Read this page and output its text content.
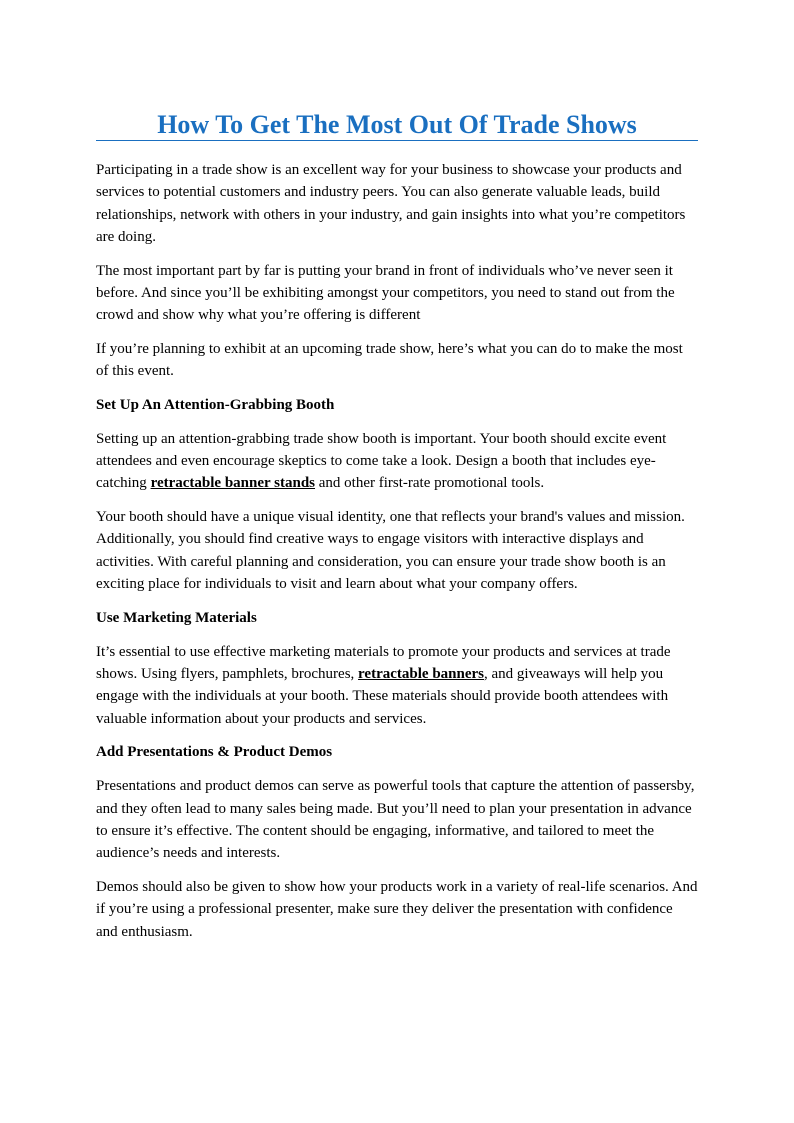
How To Get The Most Out Of Trade Shows

Participating in a trade show is an excellent way for your business to showcase your products and services to potential customers and industry peers. You can also generate valuable leads, build relationships, network with others in your industry, and gain insights into what you’re competitors are doing.

The most important part by far is putting your brand in front of individuals who’ve never seen it before. And since you’ll be exhibiting amongst your competitors, you need to stand out from the crowd and show why what you’re offering is different

If you’re planning to exhibit at an upcoming trade show, here’s what you can do to make the most of this event.

Set Up An Attention-Grabbing Booth

Setting up an attention-grabbing trade show booth is important. Your booth should excite event attendees and even encourage skeptics to come take a look. Design a booth that includes eye-catching retractable banner stands and other first-rate promotional tools.

Your booth should have a unique visual identity, one that reflects your brand's values and mission. Additionally, you should find creative ways to engage visitors with interactive displays and activities. With careful planning and consideration, you can ensure your trade show booth is an exciting place for individuals to visit and learn about what your company offers.

Use Marketing Materials

It’s essential to use effective marketing materials to promote your products and services at trade shows. Using flyers, pamphlets, brochures, retractable banners, and giveaways will help you engage with the individuals at your booth. These materials should provide booth attendees with valuable information about your products and services.

Add Presentations & Product Demos

Presentations and product demos can serve as powerful tools that capture the attention of passersby, and they often lead to many sales being made. But you’ll need to plan your presentation in advance to ensure it’s effective. The content should be engaging, informative, and tailored to meet the audience’s needs and interests.

Demos should also be given to show how your products work in a variety of real-life scenarios. And if you’re using a professional presenter, make sure they deliver the presentation with confidence and enthusiasm.
